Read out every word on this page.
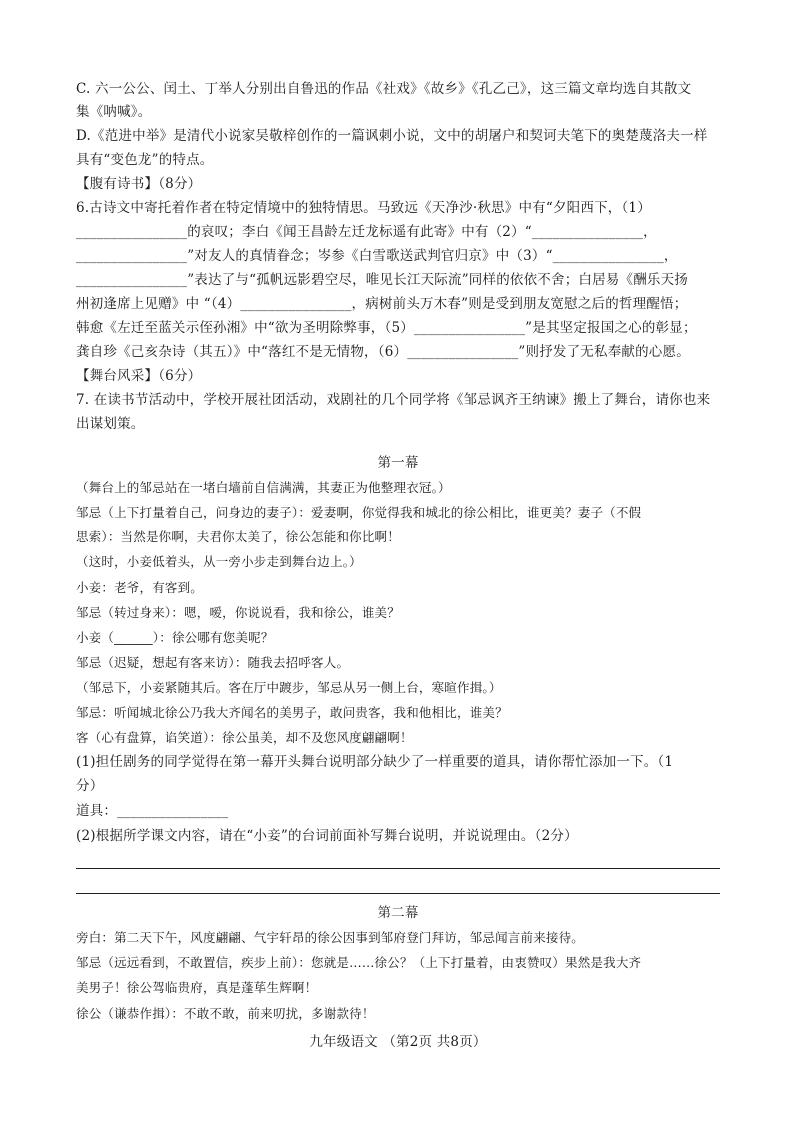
C. 六一公公、闰土、丁举人分别出自鲁迅的作品《社戏》《故乡》《孔乙己》，这三篇文章均选自其散文
集《呐喊》。
D.《范进中举》是清代小说家吴敬梓创作的一篇讽刺小说，文中的胡屠户和契诃夫笔下的奥楚蔑洛夫一样
具有“变色龙”的特点。
【腹有诗书】（8分）
6.古诗文中寄托着作者在特定情境中的独特情思。马致远《天净沙·秋思》中有“夕阳西下，（1）
________________的哀叹；李白《闻王昌龄左迁龙标遥有此寄》中有（2）“________________，
________________”对友人的真情眷念；岑参《白雪歌送武判官归京》中（3）“________________，
________________”表达了与“孤帆远影碧空尽，唯见长江天际流”同样的依依不舍；白居易《酬乐天扬
州初逢席上见赠》中 “（4）________________，病树前头万木春”则是受到朋友宽慰之后的哲理醒悟；
韩愈《左迁至蓝关示侄孙湘》中“欲为圣明除弊事，（5）________________”是其坚定报国之心的彰显；
龚自珍《己亥杂诗（其五）》中“落红不是无情物，（6）________________”则抒发了无私奉献的心愿。
【舞台风采】（6分）
7. 在读书节活动中，学校开展社团活动，戏剧社的几个同学将《邹忌讽齐王纳谏》搬上了舞台，请你也来
出谋划策。
第一幕
（舞台上的邹忌站在一堵白墙前自信满满，其妻正为他整理衣冠。）
邹忌（上下打量着自己，问身边的妻子）：爱妻啊，你觉得我和城北的徐公相比，谁更美？妻子（不假
思索）：当然是你啊，夫君你太美了，徐公怎能和你比啊！
（这时，小妾低着头，从一旁小步走到舞台边上。）
小妾：老爷，有客到。
邹忌（转过身来）：嗯，嗳，你说说看，我和徐公，谁美？
小妾（______）：徐公哪有您美呢？
邹忌（迟疑，想起有客来访）：随我去招呼客人。
（邹忌下，小妾紧随其后。客在厅中踱步，邹忌从另一侧上台，寒暄作揖。）
邹忌：听闻城北徐公乃我大齐闻名的美男子，敢问贵客，我和他相比，谁美？
客（心有盘算，谄笑道）：徐公虽美，却不及您风度翩翩啊！
(1)担任剧务的同学觉得在第一幕开头舞台说明部分缺少了一样重要的道具，请你帮忙添加一下。（1
分）
道具：________________
(2)根据所学课文内容，请在“小妾”的台词前面补写舞台说明，并说说理由。（2分）
第二幕
旁白：第二天下午，风度翩翩、气宇轩昂的徐公因事到邹府登门拜访，邹忌闻言前来接待。
邹忌（远远看到，不敢置信，疾步上前）：您就是……徐公？（上下打量着，由衷赞叹）果然是我大齐
美男子！徐公驾临贵府，真是蓬荜生辉啊！
徐公（谦恭作揖）：不敢不敢，前来叨扰，多谢款待！
九年级语文 （第2页 共8页）
